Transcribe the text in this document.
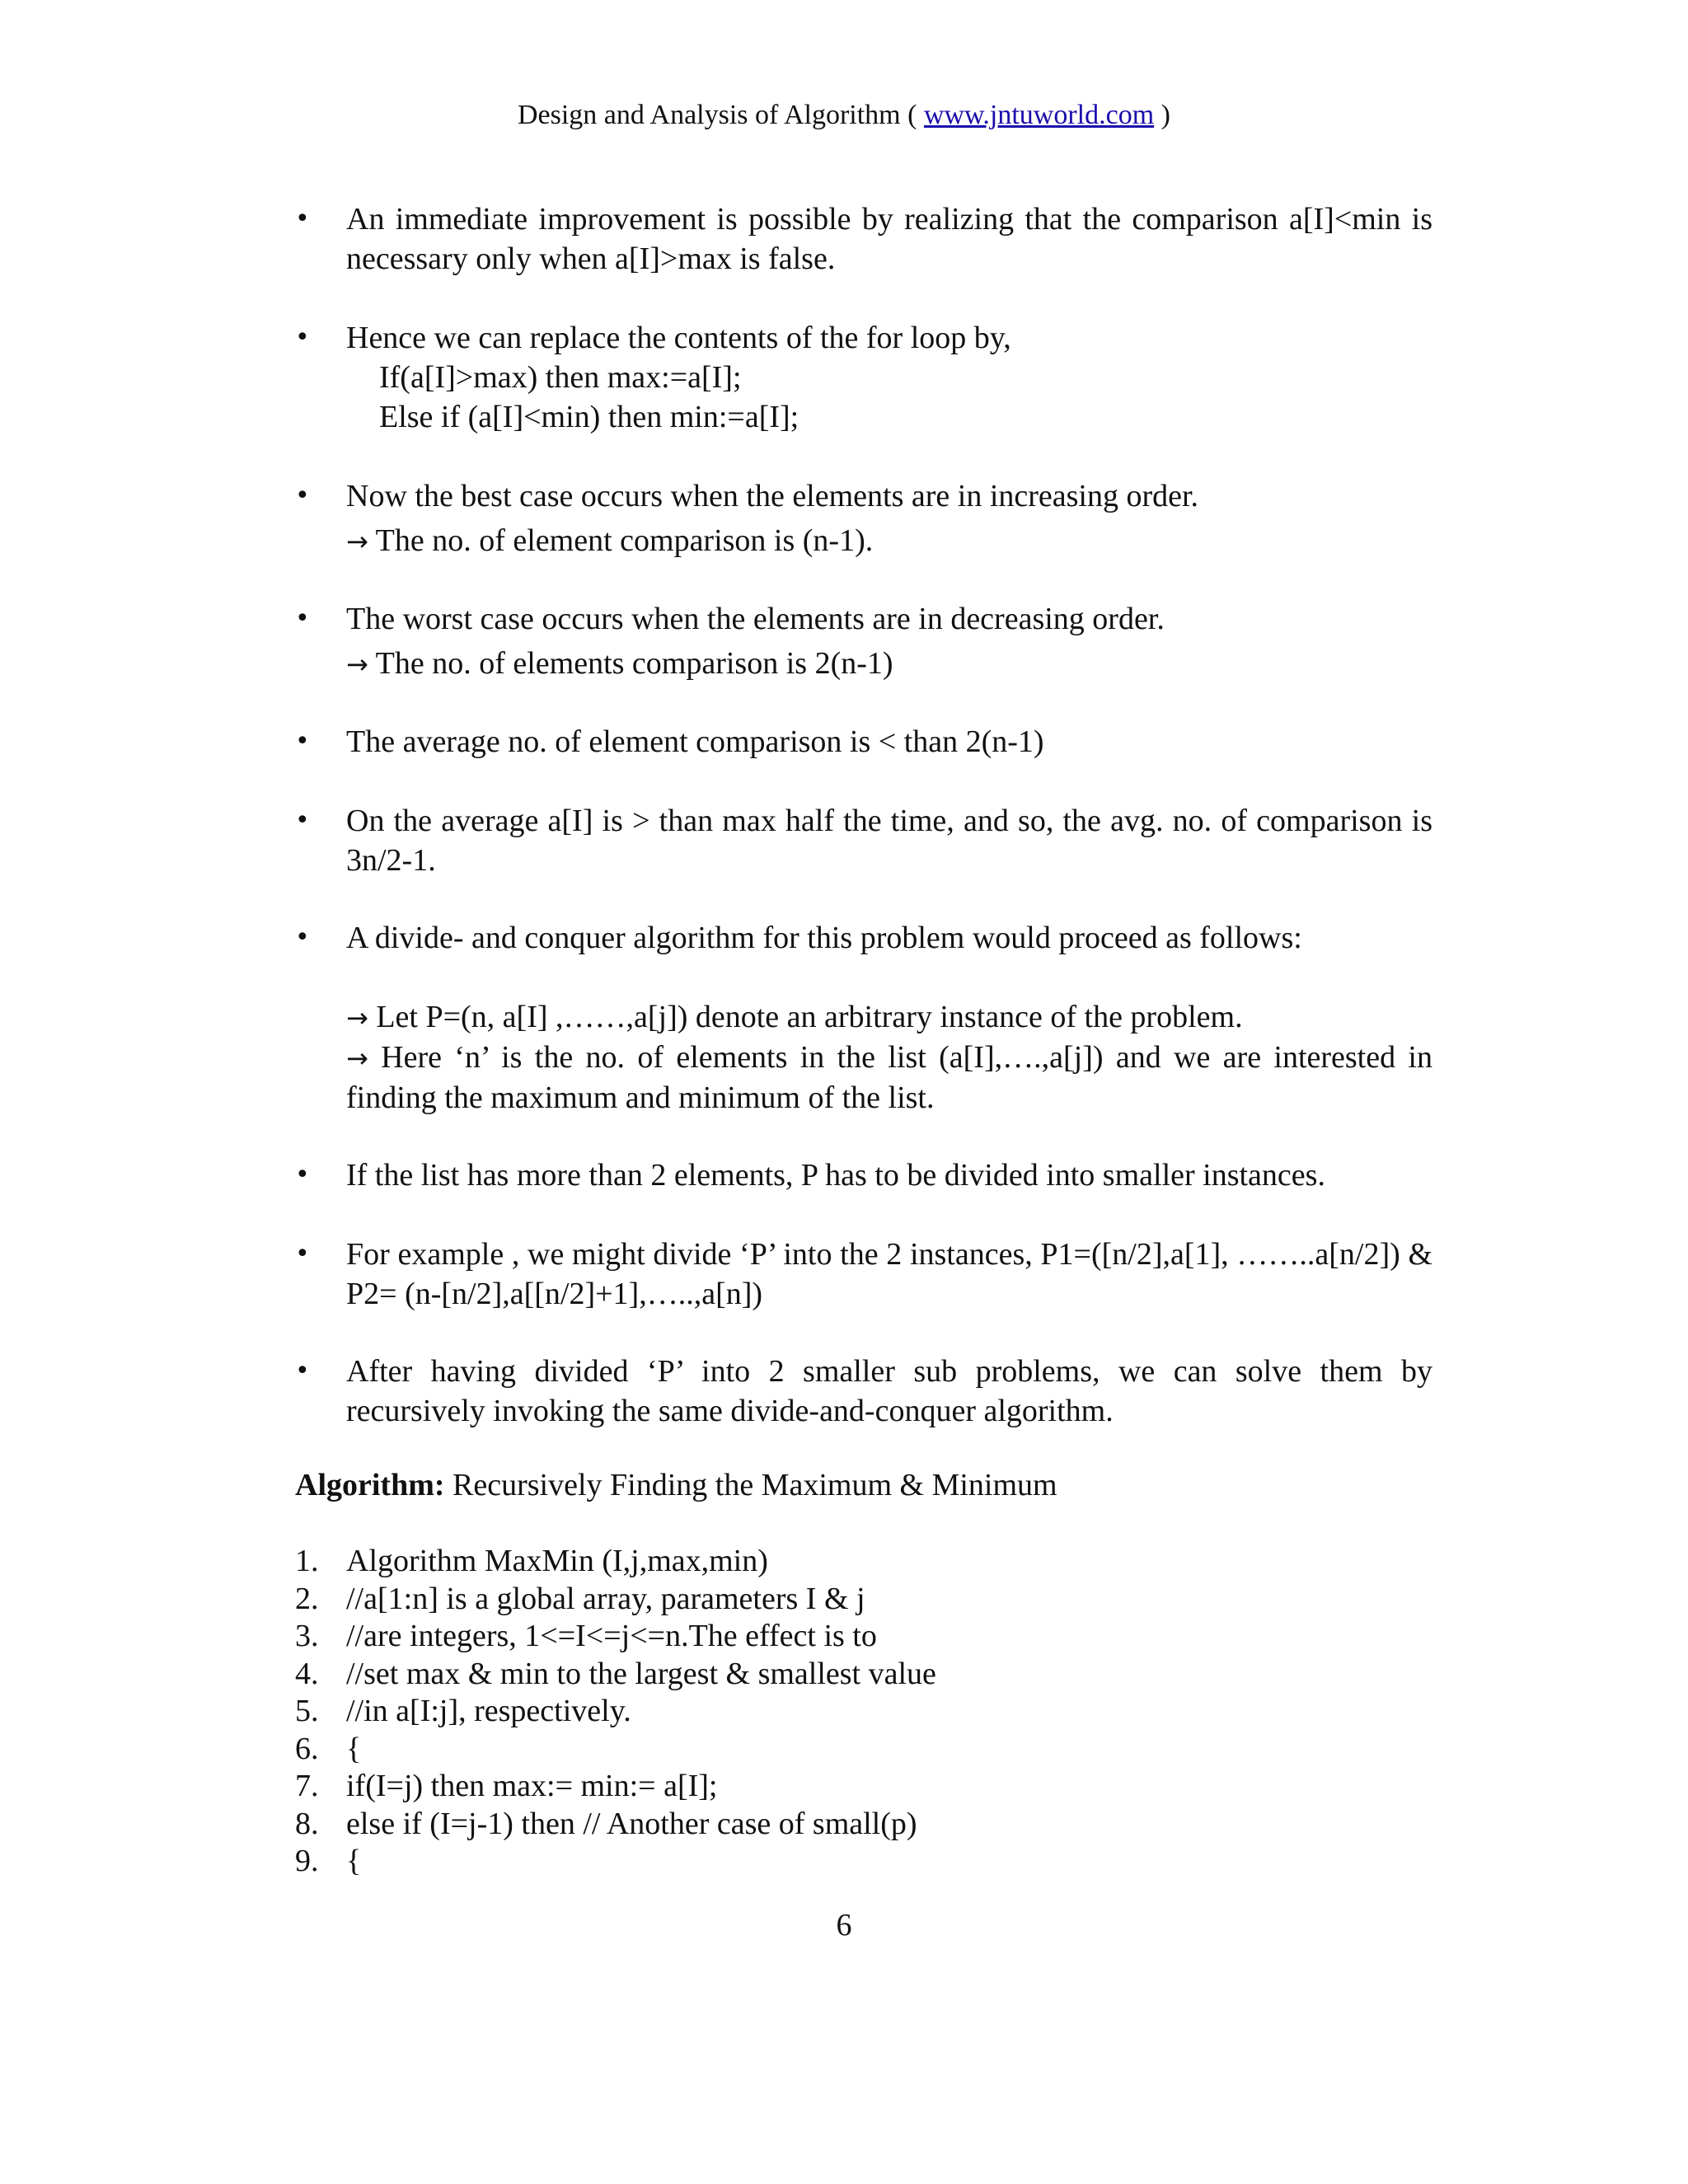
Design and Analysis of Algorithm ( www.jntuworld.com )

• An immediate improvement is possible by realizing that the comparison a[I]<min is necessary only when a[I]>max is false.

• Hence we can replace the contents of the for loop by,
If(a[I]>max) then max:=a[I];
Else if (a[I]<min) then min:=a[I];

• Now the best case occurs when the elements are in increasing order.
→ The no. of element comparison is (n-1).

• The worst case occurs when the elements are in decreasing order.
→ The no. of elements comparison is 2(n-1)

• The average no. of element comparison is < than 2(n-1)

• On the average a[I] is > than max half the time, and so, the avg. no. of comparison is 3n/2-1.

• A divide- and conquer algorithm for this problem would proceed as follows:
→ Let P=(n, a[I] ,……,a[j]) denote an arbitrary instance of the problem.
→ Here ‘n’ is the no. of elements in the list (a[I],….,a[j]) and we are interested in finding the maximum and minimum of the list.

• If the list has more than 2 elements, P has to be divided into smaller instances.

• For example , we might divide ‘P’ into the 2 instances, P1=([n/2],a[1], ……..a[n/2]) & P2= (n-[n/2],a[[n/2]+1],…..,a[n])

• After having divided ‘P’ into 2 smaller sub problems, we can solve them by recursively invoking the same divide-and-conquer algorithm.

Algorithm: Recursively Finding the Maximum & Minimum
1. Algorithm MaxMin (I,j,max,min)
2. //a[1:n] is a global array, parameters I & j
3. //are integers, 1<=I<=j<=n.The effect is to
4. //set max & min to the largest & smallest value
5. //in a[I:j], respectively.
6. {
7. if(I=j) then max:= min:= a[I];
8. else if (I=j-1) then // Another case of small(p)
9. {
6
